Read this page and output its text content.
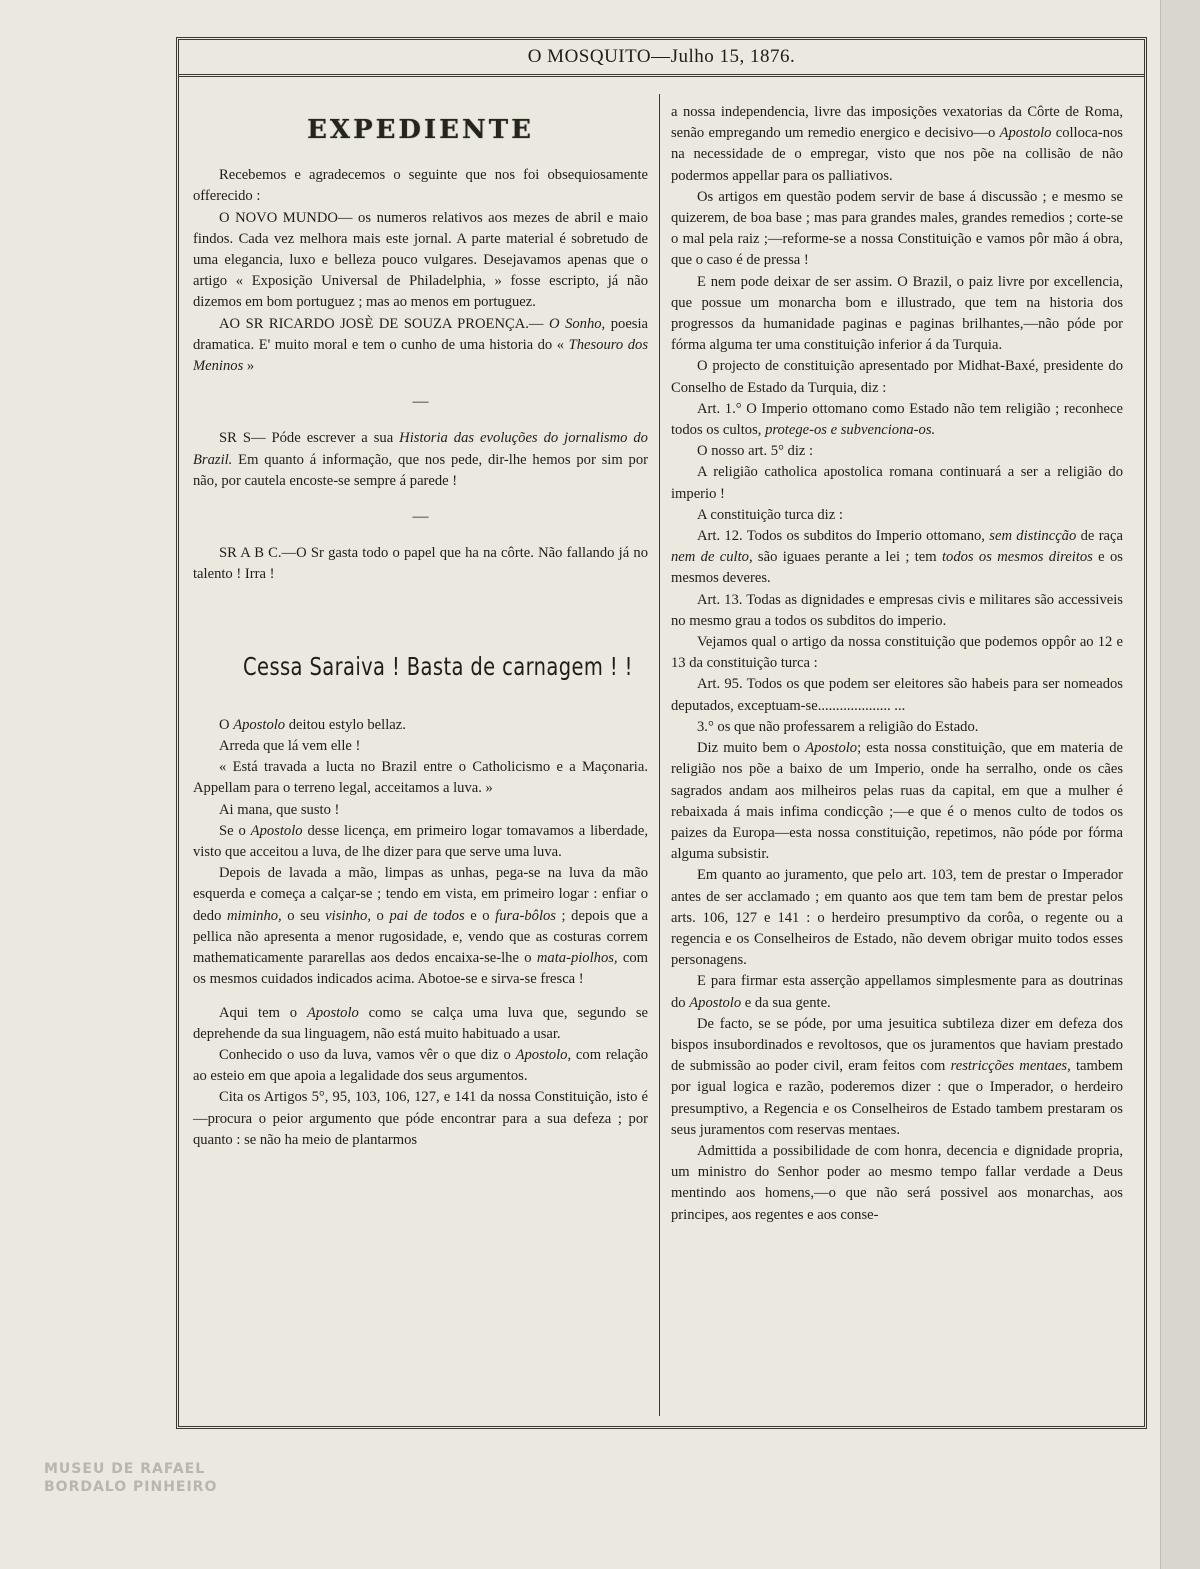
O MOSQUITO—Julho 15, 1876.
EXPEDIENTE

Recebemos e agradecemos o seguinte que nos foi obsequiosamente offerecido :

O NOVO MUNDO— os numeros relativos aos mezes de abril e maio findos. Cada vez melhora mais este jornal. A parte material é sobretudo de uma elegancia, luxo e belleza pouco vulgares. Desejavamos apenas que o artigo « Exposição Universal de Philadelphia, » fosse escripto, já não dizemos em bom portuguez ; mas ao menos em portuguez.

AO SR RICARDO JOSÈ DE SOUZA PROENÇA.— O Sonho, poesia dramatica. E' muito moral e tem o cunho de uma historia do « Thesouro dos Meninos »

—

SR S— Póde escrever a sua Historia das evoluções do jornalismo do Brazil. Em quanto á informação, que nos pede, dir-lhe hemos por sim por não, por cautela encoste-se sempre á parede !

—

SR A B C.—O Sr gasta todo o papel que ha na côrte. Não fallando já no talento ! Irra !

Cessa Saraiva ! Basta de carnagem ! !

O Apostolo deitou estylo bellaz.

Arreda que lá vem elle !

« Está travada a lucta no Brazil entre o Catholicismo e a Maçonaria. Appellam para o terreno legal, acceitamos a luva. »

Ai mana, que susto !

Se o Apostolo desse licença, em primeiro logar tomavamos a liberdade, visto que acceitou a luva, de lhe dizer para que serve uma luva.

Depois de lavada a mão, limpas as unhas, pega-se na luva da mão esquerda e começa a calçar-se ; tendo em vista, em primeiro logar : enfiar o dedo miminho, o seu visinho, o pai de todos e o fura-bôlos ; depois que a pellica não apresenta a menor rugosidade, e, vendo que as costuras correm mathematicamente pararellas aos dedos encaixa-se-lhe o mata-piolhos, com os mesmos cuidados indicados acima. Abotoe-se e sirva-se fresca !

Aqui tem o Apostolo como se calça uma luva que, segundo se deprehende da sua linguagem, não está muito habituado a usar.

Conhecido o uso da luva, vamos vêr o que diz o Apostolo, com relação ao esteio em que apoia a legalidade dos seus argumentos.

Cita os Artigos 5°, 95, 103, 106, 127, e 141 da nossa Constituição, isto é —procura o peior argumento que póde encontrar para a sua defeza ; por quanto : se não ha meio de plantarmos

a nossa independencia, livre das imposições vexatorias da Côrte de Roma, senão empregando um remedio energico e decisivo—o Apostolo colloca-nos na necessidade de o empregar, visto que nos põe na collisão de não podermos appellar para os palliativos.

Os artigos em questão podem servir de base á discussão ; e mesmo se quizerem, de boa base ; mas para grandes males, grandes remedios ; corte-se o mal pela raiz ;—reforme-se a nossa Constituição e vamos pôr mão á obra, que o caso é de pressa !

E nem pode deixar de ser assim. O Brazil, o paiz livre por excellencia, que possue um monarcha bom e illustrado, que tem na historia dos progressos da humanidade paginas e paginas brilhantes,—não póde por fórma alguma ter uma constituição inferior á da Turquia.

O projecto de constituição apresentado por Midhat-Baxé, presidente do Conselho de Estado da Turquia, diz :

Art. 1.° O Imperio ottomano como Estado não tem religião ; reconhece todos os cultos, protege-os e subvenciona-os.

O nosso art. 5° diz :

A religião catholica apostolica romana continuará a ser a religião do imperio !

A constituição turca diz :

Art. 12. Todos os subditos do Imperio ottomano, sem distincção de raça nem de culto, são iguaes perante a lei ; tem todos os mesmos direitos e os mesmos deveres.

Art. 13. Todas as dignidades e empresas civis e militares são accessiveis no mesmo grau a todos os subditos do imperio.

Vejamos qual o artigo da nossa constituição que podemos oppôr ao 12 e 13 da constituição turca :

Art. 95. Todos os que podem ser eleitores são habeis para ser nomeados deputados, exceptuam-se.................... ...

3.° os que não professarem a religião do Estado.

Diz muito bem o Apostolo; esta nossa constituição, que em materia de religião nos põe a baixo de um Imperio, onde ha serralho, onde os cães sagrados andam aos milheiros pelas ruas da capital, em que a mulher é rebaixada á mais infima condicção ;—e que é o menos culto de todos os paizes da Europa—esta nossa constituição, repetimos, não póde por fórma alguma subsistir.

Em quanto ao juramento, que pelo art. 103, tem de prestar o Imperador antes de ser acclamado ; em quanto aos que tem tam bem de prestar pelos arts. 106, 127 e 141 : o herdeiro presumptivo da corôa, o regente ou a regencia e os Conselheiros de Estado, não devem obrigar muito todos esses personagens.

E para firmar esta asserção appellamos simplesmente para as doutrinas do Apostolo e da sua gente.

De facto, se se póde, por uma jesuitica subtileza dizer em defeza dos bispos insubordinados e revoltosos, que os juramentos que haviam prestado de submissão ao poder civil, eram feitos com restricções mentaes, tambem por igual logica e razão, poderemos dizer : que o Imperador, o herdeiro presumptivo, a Regencia e os Conselheiros de Estado tambem prestaram os seus juramentos com reservas mentaes.

Admittida a possibilidade de com honra, decencia e dignidade propria, um ministro do Senhor poder ao mesmo tempo fallar verdade a Deus mentindo aos homens,—o que não será possivel aos monarchas, aos principes, aos regentes e aos conse-

MUSEU DE RAFAEL
BORDALO PINHEIRO
